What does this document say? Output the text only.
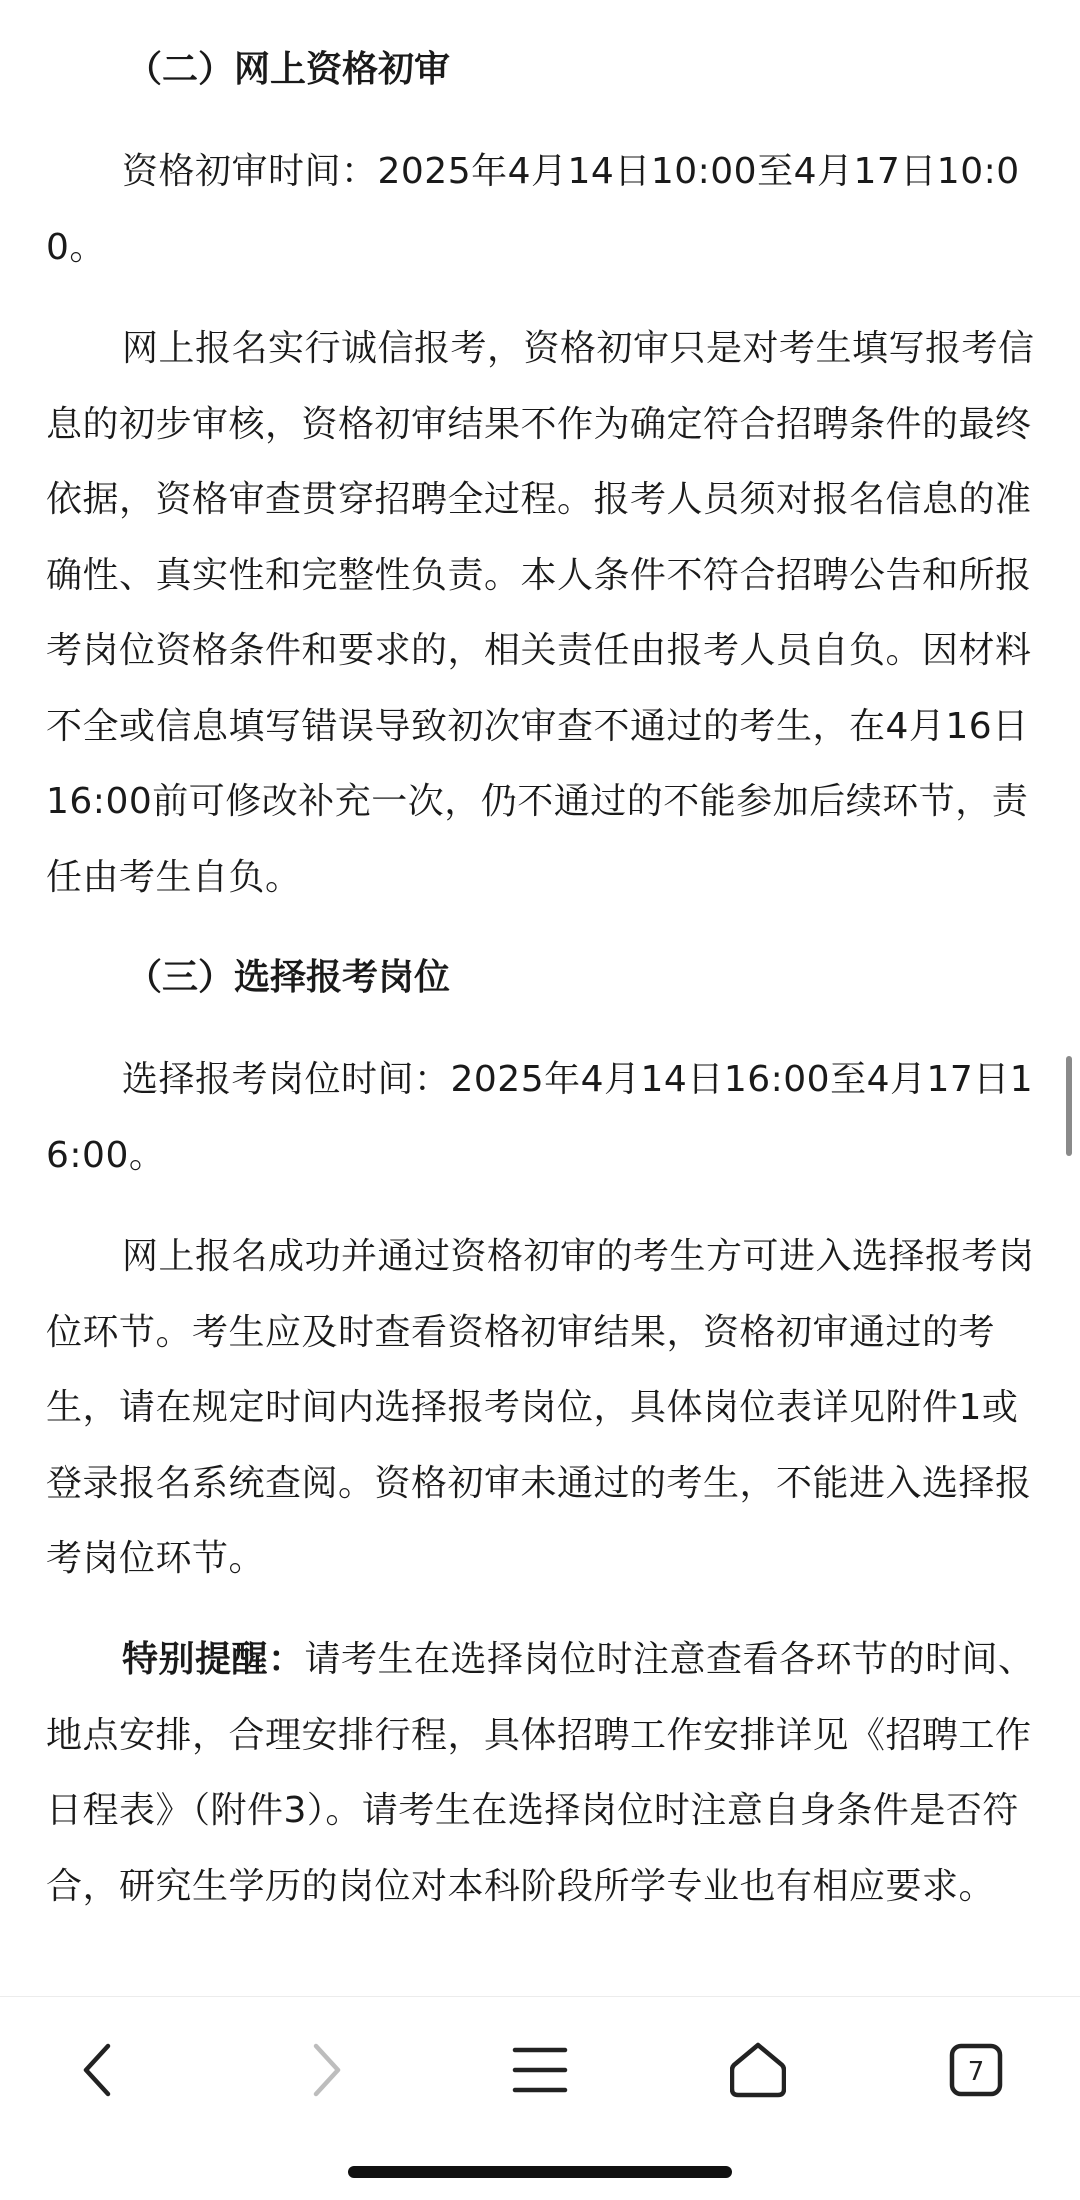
（二）网上资格初审
资格初审时间：2025年4月14日10:00至4月17日10:00。
网上报名实行诚信报考，资格初审只是对考生填写报考信息的初步审核，资格初审结果不作为确定符合招聘条件的最终依据，资格审查贯穿招聘全过程。报考人员须对报名信息的准确性、真实性和完整性负责。本人条件不符合招聘公告和所报考岗位资格条件和要求的，相关责任由报考人员自负。因材料不全或信息填写错误导致初次审查不通过的考生，在4月16日16:00前可修改补充一次，仍不通过的不能参加后续环节，责任由考生自负。
（三）选择报考岗位
选择报考岗位时间：2025年4月14日16:00至4月17日16:00。
网上报名成功并通过资格初审的考生方可进入选择报考岗位环节。考生应及时查看资格初审结果，资格初审通过的考生，请在规定时间内选择报考岗位，具体岗位表详见附件1或登录报名系统查阅。资格初审未通过的考生，不能进入选择报考岗位环节。
特别提醒：请考生在选择岗位时注意查看各环节的时间、地点安排，合理安排行程，具体招聘工作安排详见《招聘工作日程表》（附件3）。请考生在选择岗位时注意自身条件是否符合，研究生学历的岗位对本科阶段所学专业也有相应要求。
7
